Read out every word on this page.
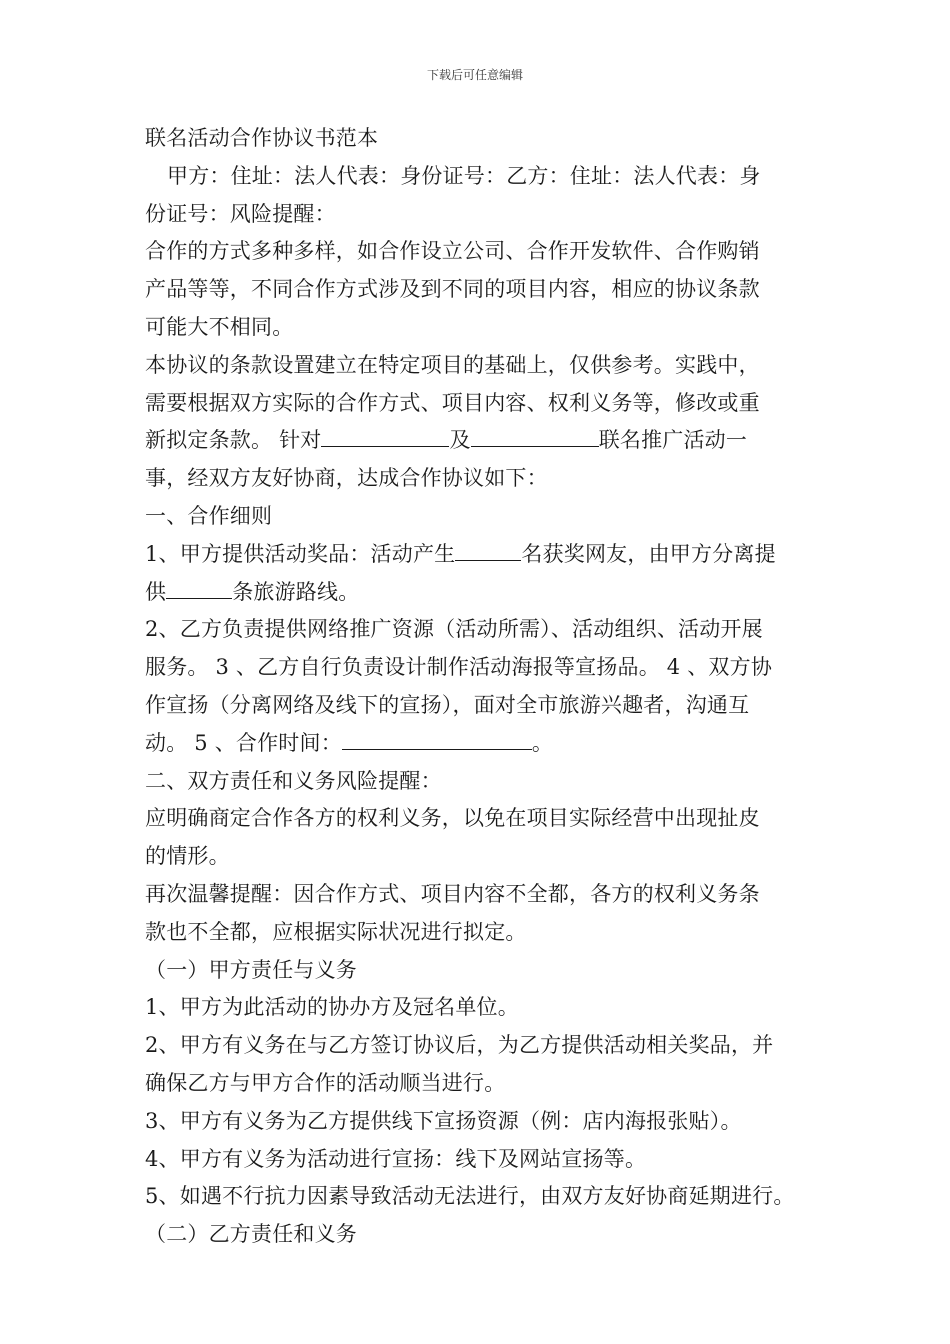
下载后可任意编辑
联名活动合作协议书范本
甲方：住址：法人代表：身份证号：乙方：住址：法人代表：身
份证号：风险提醒：
合作的方式多种多样，如合作设立公司、合作开发软件、合作购销
产品等等，不同合作方式涉及到不同的项目内容，相应的协议条款
可能大不相同。
本协议的条款设置建立在特定项目的基础上，仅供参考。实践中，
需要根据双方实际的合作方式、项目内容、权利义务等，修改或重
新拟定条款。 针对	及	联名推广活动一
事，经双方友好协商，达成合作协议如下：
一、合作细则
1、甲方提供活动奖品：活动产生	名获奖网友，由甲方分离提
供	条旅游路线。
2、乙方负责提供网络推广资源（活动所需）、活动组织、活动开展
服务。 3 、乙方自行负责设计制作活动海报等宣扬品。 4 、双方协
作宣扬（分离网络及线下的宣扬），面对全市旅游兴趣者，沟通互
动。 5 、合作时间：	。
二、双方责任和义务风险提醒：
应明确商定合作各方的权利义务，以免在项目实际经营中出现扯皮
的情形。
再次温馨提醒：因合作方式、项目内容不全都，各方的权利义务条
款也不全都，应根据实际状况进行拟定。
（一）甲方责任与义务
1、甲方为此活动的协办方及冠名单位。
2、甲方有义务在与乙方签订协议后，为乙方提供活动相关奖品，并
确保乙方与甲方合作的活动顺当进行。
3、甲方有义务为乙方提供线下宣扬资源（例：店内海报张贴）。
4、甲方有义务为活动进行宣扬：线下及网站宣扬等。
5、如遇不行抗力因素导致活动无法进行，由双方友好协商延期进行。
（二）乙方责任和义务
